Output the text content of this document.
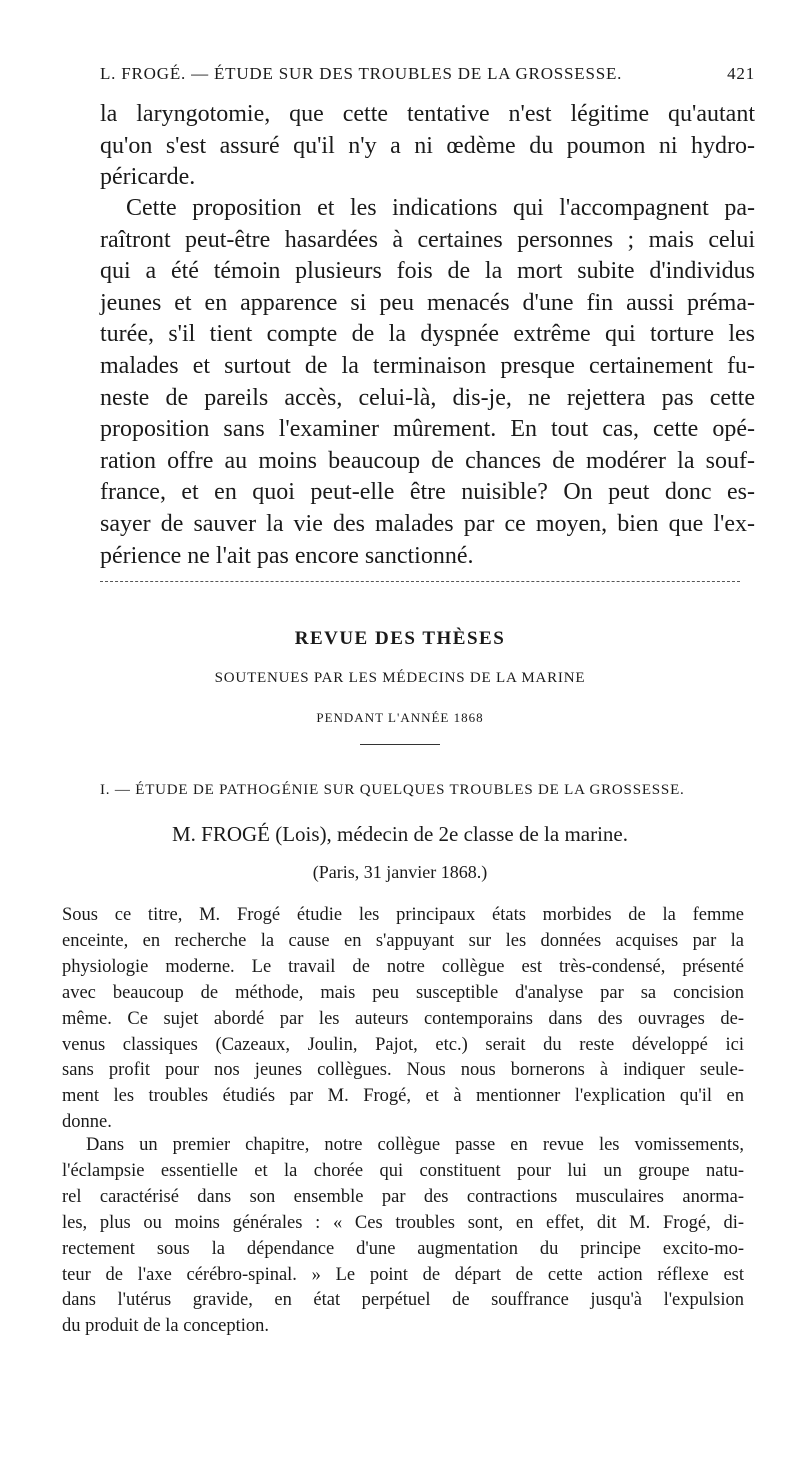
L. FROGÉ. — ÉTUDE SUR DES TROUBLES DE LA GROSSESSE.	421

la laryngotomie, que cette tentative n'est légitime qu'autant
qu'on s'est assuré qu'il n'y a ni œdème du poumon ni hydro-
péricarde.

Cette proposition et les indications qui l'accompagnent pa-
raîtront peut-être hasardées à certaines personnes ; mais celui
qui a été témoin plusieurs fois de la mort subite d'individus
jeunes et en apparence si peu menacés d'une fin aussi préma-
turée, s'il tient compte de la dyspnée extrême qui torture les
malades et surtout de la terminaison presque certainement fu-
neste de pareils accès, celui-là, dis-je, ne rejettera pas cette
proposition sans l'examiner mûrement. En tout cas, cette opé-
ration offre au moins beaucoup de chances de modérer la souf-
france, et en quoi peut-elle être nuisible? On peut donc es-
sayer de sauver la vie des malades par ce moyen, bien que l'ex-
périence ne l'ait pas encore sanctionné.

REVUE DES THÈSES
SOUTENUES PAR LES MÉDECINS DE LA MARINE
PENDANT L'ANNÉE 1868
I. — ÉTUDE DE PATHOGÉNIE SUR QUELQUES TROUBLES DE LA GROSSESSE.
M. FROGÉ (Lois), médecin de 2e classe de la marine.
(Paris, 31 janvier 1868.)

Sous ce titre, M. Frogé étudie les principaux états morbides de la femme
enceinte, en recherche la cause en s'appuyant sur les données acquises par la
physiologie moderne. Le travail de notre collègue est très-condensé, présenté
avec beaucoup de méthode, mais peu susceptible d'analyse par sa concision
même. Ce sujet abordé par les auteurs contemporains dans des ouvrages de-
venus classiques (Cazeaux, Joulin, Pajot, etc.) serait du reste développé ici
sans profit pour nos jeunes collègues. Nous nous bornerons à indiquer seule-
ment les troubles étudiés par M. Frogé, et à mentionner l'explication qu'il en
donne.

Dans un premier chapitre, notre collègue passe en revue les vomissements,
l'éclampsie essentielle et la chorée qui constituent pour lui un groupe natu-
rel caractérisé dans son ensemble par des contractions musculaires anorma-
les, plus ou moins générales : « Ces troubles sont, en effet, dit M. Frogé, di-
rectement sous la dépendance d'une augmentation du principe excito-mo-
teur de l'axe cérébro-spinal. » Le point de départ de cette action réflexe est
dans l'utérus gravide, en état perpétuel de souffrance jusqu'à l'expulsion
du produit de la conception.
